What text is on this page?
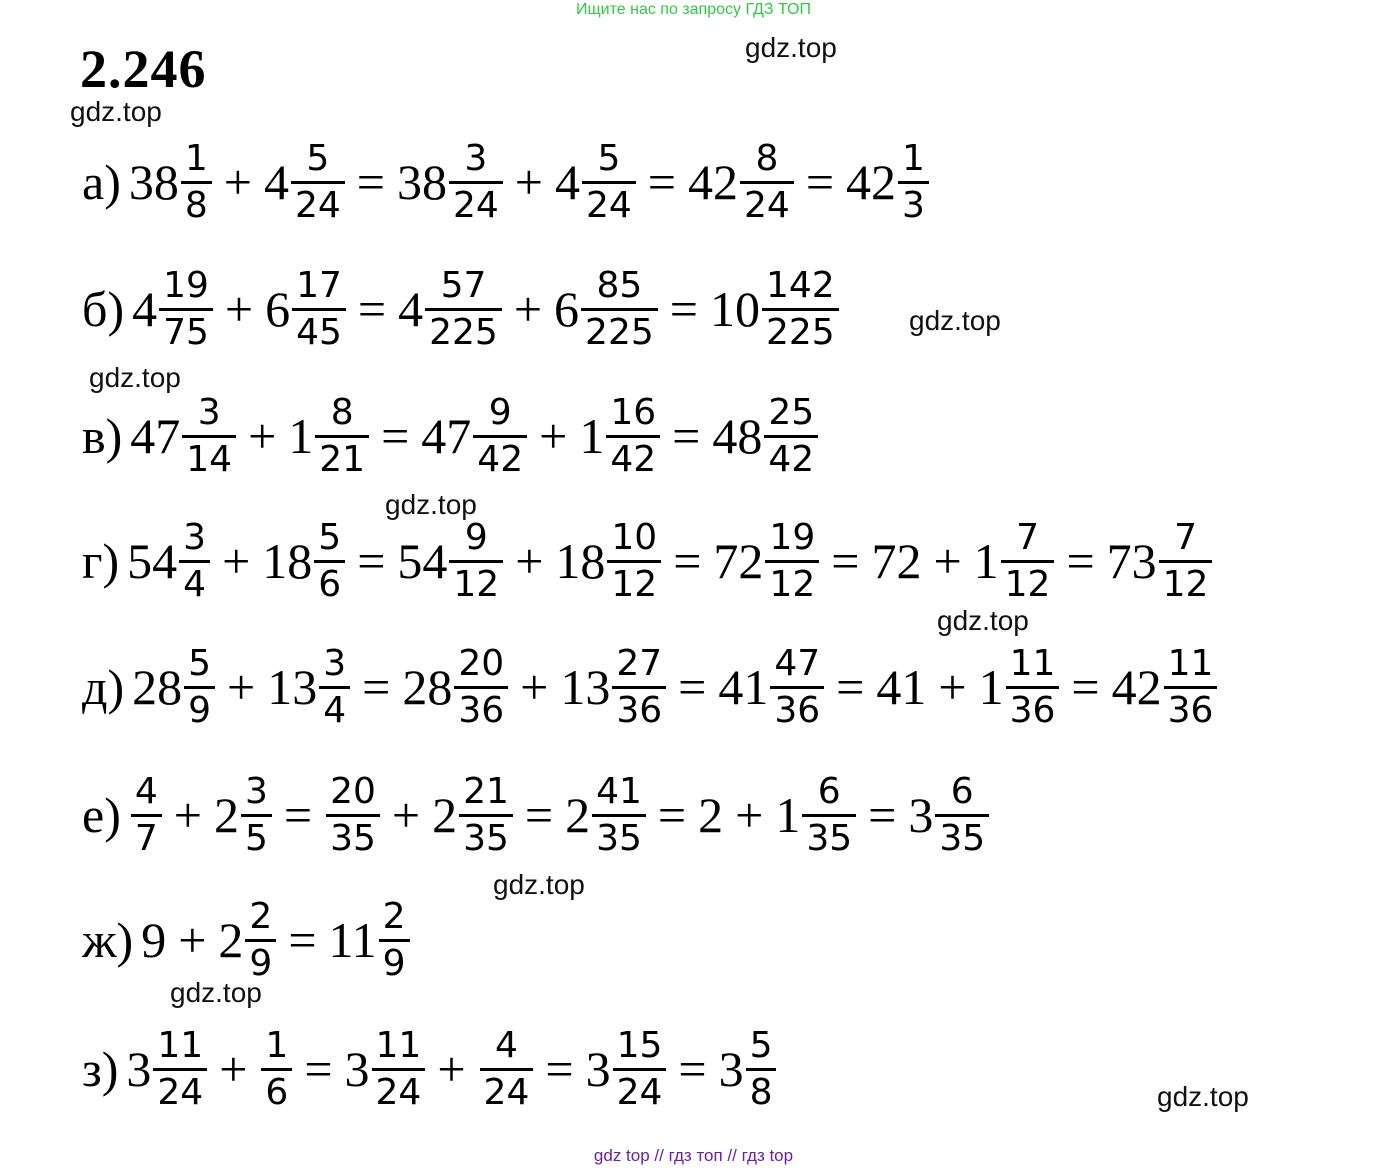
Ищите нас по запросу ГДЗ ТОП
2.246	gdz.top
gdz.top
gdz.top
gdz.top
gdz.top
gdz.top
gdz.top
gdz.top
gdz.top
а) $38 \frac{1}{8} + 4 \frac{5}{24} = 38 \frac{3}{24} + 4 \frac{5}{24} = 42 \frac{8}{24} = 42 \frac{1}{3}$
б) $4 \frac{19}{75} + 6 \frac{17}{45} = 4 \frac{57}{225} + 6 \frac{85}{225} = 10 \frac{142}{225}$
в) $47 \frac{3}{14} + 1 \frac{8}{21} = 47 \frac{9}{42} + 1 \frac{16}{42} = 48 \frac{25}{42}$
г) $54 \frac{3}{4} + 18 \frac{5}{6} = 54 \frac{9}{12} + 18 \frac{10}{12} = 72 \frac{19}{12} = 72 + 1 \frac{7}{12} = 73 \frac{7}{12}$
д) $28 \frac{5}{9} + 13 \frac{3}{4} = 28 \frac{20}{36} + 13 \frac{27}{36} = 41 \frac{47}{36} = 41 + 1 \frac{11}{36} = 42 \frac{11}{36}$
$е) \frac{4}{7} + 2 \frac{3}{5} = \frac{20}{35} + 2 \frac{21}{35} = 2 \frac{41}{35} = 2 + 1 \frac{6}{35} = 3 \frac{6}{35}$
ж) $9 + 2 \frac{2}{9} = 11 \frac{2}{9}$
з) $3 \frac{11}{24} + \frac{1}{6} = 3 \frac{11}{24} + \frac{4}{24} = 3 \frac{15}{24} = 3 \frac{5}{8}$
gdz top // гдз топ // гдз top
